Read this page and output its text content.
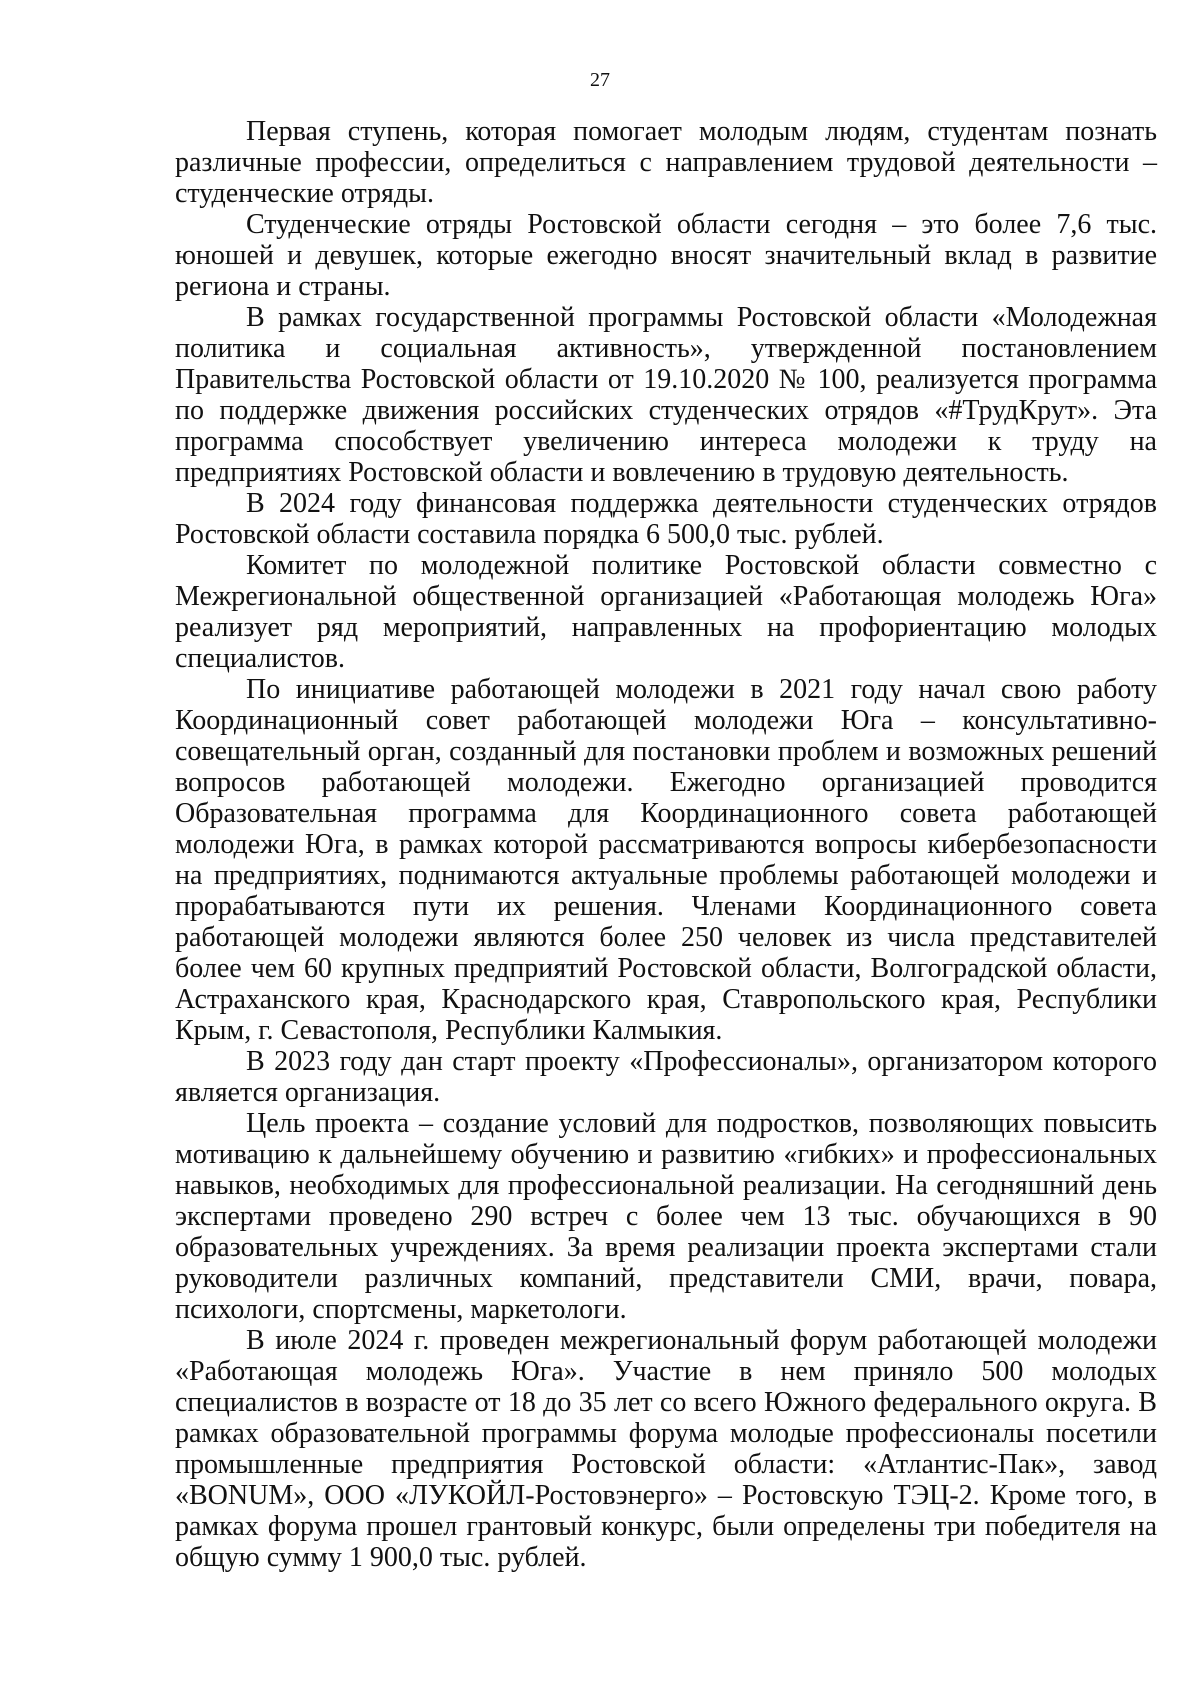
27

Первая ступень, которая помогает молодым людям, студентам познать различные профессии, определиться с направлением трудовой деятельности – студенческие отряды.

Студенческие отряды Ростовской области сегодня – это более 7,6 тыс. юношей и девушек, которые ежегодно вносят значительный вклад в развитие региона и страны.

В рамках государственной программы Ростовской области «Молодежная политика и социальная активность», утвержденной постановлением Правительства Ростовской области от 19.10.2020 № 100, реализуется программа по поддержке движения российских студенческих отрядов «#ТрудКрут». Эта программа способствует увеличению интереса молодежи к труду на предприятиях Ростовской области и вовлечению в трудовую деятельность.

В 2024 году финансовая поддержка деятельности студенческих отрядов Ростовской области составила порядка 6 500,0 тыс. рублей.

Комитет по молодежной политике Ростовской области совместно с Межрегиональной общественной организацией «Работающая молодежь Юга» реализует ряд мероприятий, направленных на профориентацию молодых специалистов.

По инициативе работающей молодежи в 2021 году начал свою работу Координационный совет работающей молодежи Юга – консультативно-совещательный орган, созданный для постановки проблем и возможных решений вопросов работающей молодежи. Ежегодно организацией проводится Образовательная программа для Координационного совета работающей молодежи Юга, в рамках которой рассматриваются вопросы кибербезопасности на предприятиях, поднимаются актуальные проблемы работающей молодежи и прорабатываются пути их решения. Членами Координационного совета работающей молодежи являются более 250 человек из числа представителей более чем 60 крупных предприятий Ростовской области, Волгоградской области, Астраханского края, Краснодарского края, Ставропольского края, Республики Крым, г. Севастополя, Республики Калмыкия.

В 2023 году дан старт проекту «Профессионалы», организатором которого является организация.

Цель проекта – создание условий для подростков, позволяющих повысить мотивацию к дальнейшему обучению и развитию «гибких» и профессиональных навыков, необходимых для профессиональной реализации. На сегодняшний день экспертами проведено 290 встреч с более чем 13 тыс. обучающихся в 90 образовательных учреждениях. За время реализации проекта экспертами стали руководители различных компаний, представители СМИ, врачи, повара, психологи, спортсмены, маркетологи.

В июле 2024 г. проведен межрегиональный форум работающей молодежи «Работающая молодежь Юга». Участие в нем приняло 500 молодых специалистов в возрасте от 18 до 35 лет со всего Южного федерального округа. В рамках образовательной программы форума молодые профессионалы посетили промышленные предприятия Ростовской области: «Атлантис-Пак», завод «BONUM», ООО «ЛУКОЙЛ-Ростовэнерго» – Ростовскую ТЭЦ-2. Кроме того, в рамках форума прошел грантовый конкурс, были определены три победителя на общую сумму 1 900,0 тыс. рублей.
